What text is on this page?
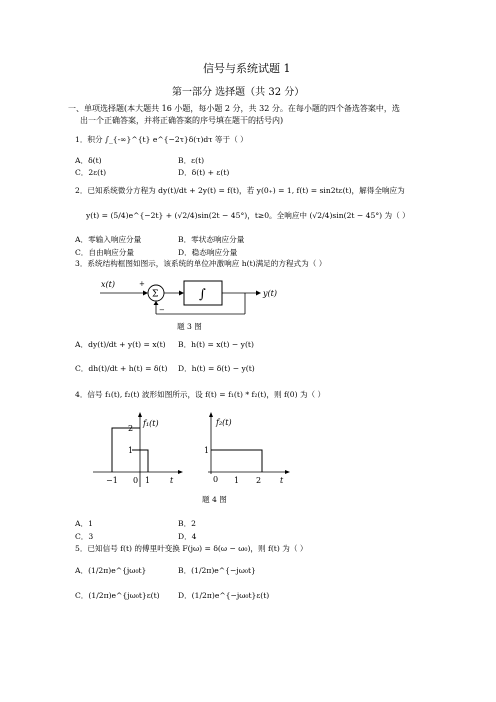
信号与系统试题 1
第一部分 选择题（共 32 分）
一、单项选择题(本大题共 16 小题，每小题 2 分，共 32 分。在每小题的四个备选答案中，选
出一个正确答案，并将正确答案的序号填在题干的括号内)
1．积分 ∫_{-∞}^{t} e^{−2τ}δ(τ)dτ 等于（ ）
A．δ(t)	B．ε(t)
C．2ε(t)	D．δ(t) + ε(t)
2．已知系统微分方程为 dy(t)/dt + 2y(t) = f(t)，若 y(0₊) = 1, f(t) = sin2tε(t)，解得全响应为
y(t) = (5/4)e^{−2t} + (√2/4)sin(2t − 45°)，t≥0。全响应中 (√2/4)sin(2t − 45°) 为（ ）
A．零输入响应分量	B．零状态响应分量
C．自由响应分量	D．稳态响应分量
3．系统结构框图如图示，该系统的单位冲激响应 h(t)满足的方程式为（ ）
x(t)	+
Σ	∫	y(t)
−
题 3 图
A．dy(t)/dt + y(t) = x(t) B．h(t) = x(t) − y(t)
C．dh(t)/dt + h(t) = δ(t) D．h(t) = δ(t) − y(t)
4．信号 f₁(t), f₂(t) 波形如图所示，设 f(t) = f₁(t) * f₂(t)，则 f(0) 为（ ）
f₁(t)
2
1
−1 0 1 t
f₂(t)
1
0 1 2 t
题 4 图
A．1	B．2
C．3	D．4
5．已知信号 f(t) 的傅里叶变换 F(jω) = δ(ω − ω₀)，则 f(t) 为（ ）
A．(1/2π)e^{jω₀t}	B．(1/2π)e^{−jω₀t}
C．(1/2π)e^{jω₀t}ε(t) D．(1/2π)e^{−jω₀t}ε(t)
